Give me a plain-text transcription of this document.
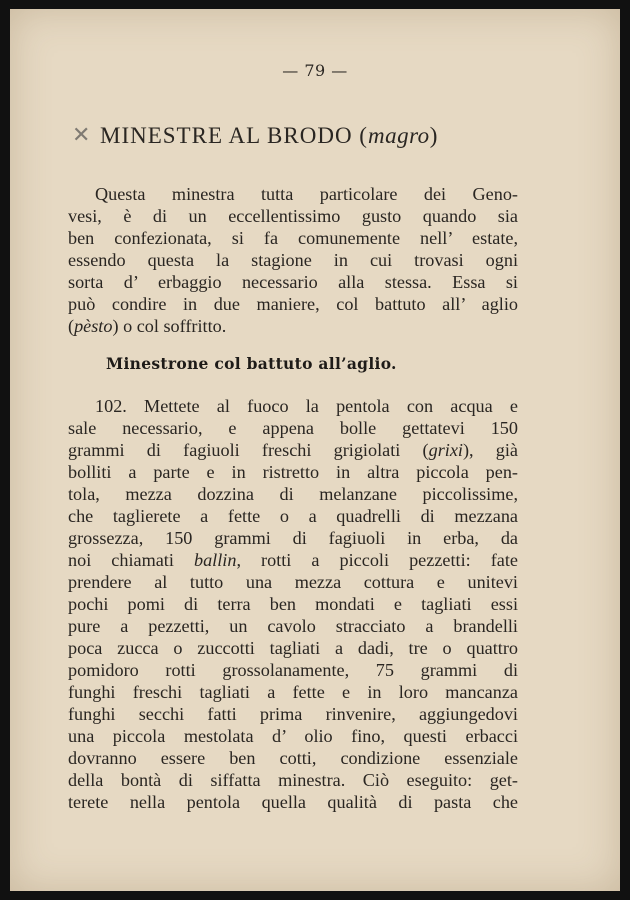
— 79 —
✕ MINESTRE AL BRODO (magro)
Questa minestra tutta particolare dei Geno-
vesi, è di un eccellentissimo gusto quando sia
ben confezionata, si fa comunemente nell’ estate,
essendo questa la stagione in cui trovasi ogni
sorta d’ erbaggio necessario alla stessa. Essa si
può condire in due maniere, col battuto all’ aglio
(pèsto) o col soffritto.
Minestrone col battuto all’aglio.
102. Mettete al fuoco la pentola con acqua e
sale necessario, e appena bolle gettatevi 150
grammi di fagiuoli freschi grigiolati (grixi), già
bolliti a parte e in ristretto in altra piccola pen-
tola, mezza dozzina di melanzane piccolissime,
che taglierete a fette o a quadrelli di mezzana
grossezza, 150 grammi di fagiuoli in erba, da
noi chiamati ballin, rotti a piccoli pezzetti: fate
prendere al tutto una mezza cottura e unitevi
pochi pomi di terra ben mondati e tagliati essi
pure a pezzetti, un cavolo stracciato a brandelli
poca zucca o zuccotti tagliati a dadi, tre o quattro
pomidoro rotti grossolanamente, 75 grammi di
funghi freschi tagliati a fette e in loro mancanza
funghi secchi fatti prima rinvenire, aggiungedovi
una piccola mestolata d’ olio fino, questi erbacci
dovranno essere ben cotti, condizione essenziale
della bontà di siffatta minestra. Ciò eseguito: get-
terete nella pentola quella qualità di pasta che
